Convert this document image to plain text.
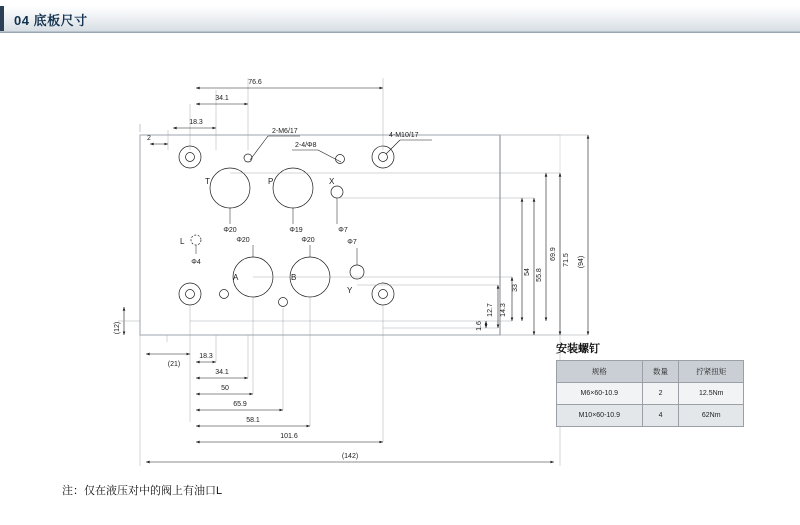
04 底板尺寸
76.6
34.1
18.3
2
2-M6/17
2-4/Φ8
4-M10/17
T	P	X
A	B
Y
L
Φ20	Φ19	Φ7
Φ4
Φ20	Φ20	Φ7
(94)
71.5
69.9
55.8
54
33
14.3
12.7
1.6
(12)
(21)
18.3
34.1
50
65.9
58.1
101.6
(142)
安装螺钉
规格	数量	拧紧扭矩
M6×60-10.9	2	12.5Nm
M10×60-10.9	4	62Nm
注：仅在液压对中的阀上有油口L
